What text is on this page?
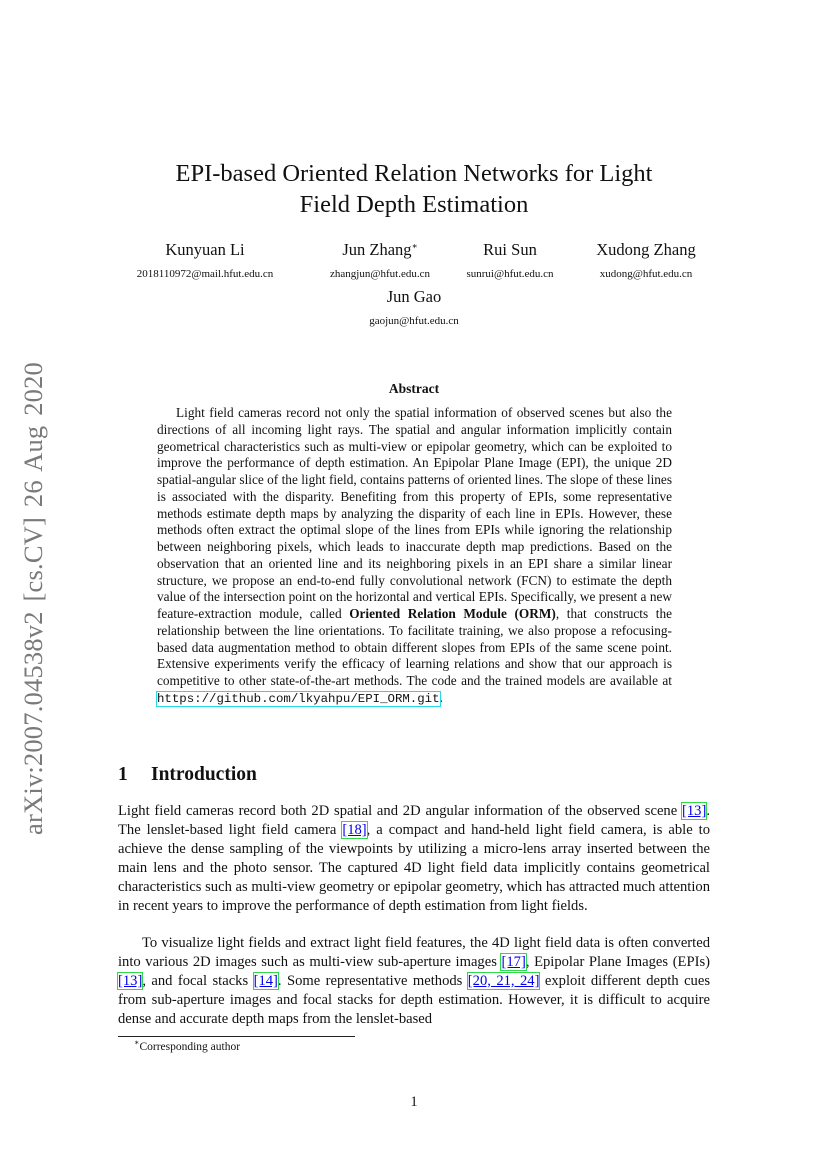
arXiv:2007.04538v2 [cs.CV] 26 Aug 2020
EPI-based Oriented Relation Networks for Light
Field Depth Estimation
Kunyuan Li
2018110972@mail.hfut.edu.cn
Jun Zhang∗
zhangjun@hfut.edu.cn
Rui Sun
sunrui@hfut.edu.cn
Xudong Zhang
xudong@hfut.edu.cn
Jun Gao
gaojun@hfut.edu.cn
Abstract

Light field cameras record not only the spatial information of observed scenes but also the directions of all incoming light rays. The spatial and angular information implicitly contain geometrical characteristics such as multi-view or epipolar geometry, which can be exploited to improve the performance of depth estimation. An Epipolar Plane Image (EPI), the unique 2D spatial-angular slice of the light field, contains patterns of oriented lines. The slope of these lines is associated with the disparity. Benefiting from this property of EPIs, some representative methods estimate depth maps by analyzing the disparity of each line in EPIs. However, these methods often extract the optimal slope of the lines from EPIs while ignoring the relationship between neighboring pixels, which leads to inaccurate depth map predictions. Based on the observation that an oriented line and its neighboring pixels in an EPI share a similar linear structure, we propose an end-to-end fully convolutional network (FCN) to estimate the depth value of the intersection point on the horizontal and vertical EPIs. Specifically, we present a new feature-extraction module, called Oriented Relation Module (ORM), that constructs the relationship between the line orientations. To facilitate training, we also propose a refocusing-based data augmentation method to obtain different slopes from EPIs of the same scene point. Extensive experiments verify the efficacy of learning relations and show that our approach is competitive to other state-of-the-art methods. The code and the trained models are available at https://github.com/lkyahpu/EPI_ORM.git.

1 Introduction

Light field cameras record both 2D spatial and 2D angular information of the observed scene [13]. The lenslet-based light field camera [18], a compact and hand-held light field camera, is able to achieve the dense sampling of the viewpoints by utilizing a micro-lens array inserted between the main lens and the photo sensor. The captured 4D light field data implicitly contains geometrical characteristics such as multi-view geometry or epipolar geometry, which has attracted much attention in recent years to improve the performance of depth estimation from light fields.

To visualize light fields and extract light field features, the 4D light field data is often converted into various 2D images such as multi-view sub-aperture images [17], Epipolar Plane Images (EPIs) [13], and focal stacks [14]. Some representative methods [20, 21, 24] exploit different depth cues from sub-aperture images and focal stacks for depth estimation. However, it is difficult to acquire dense and accurate depth maps from the lenslet-based

∗Corresponding author

1
